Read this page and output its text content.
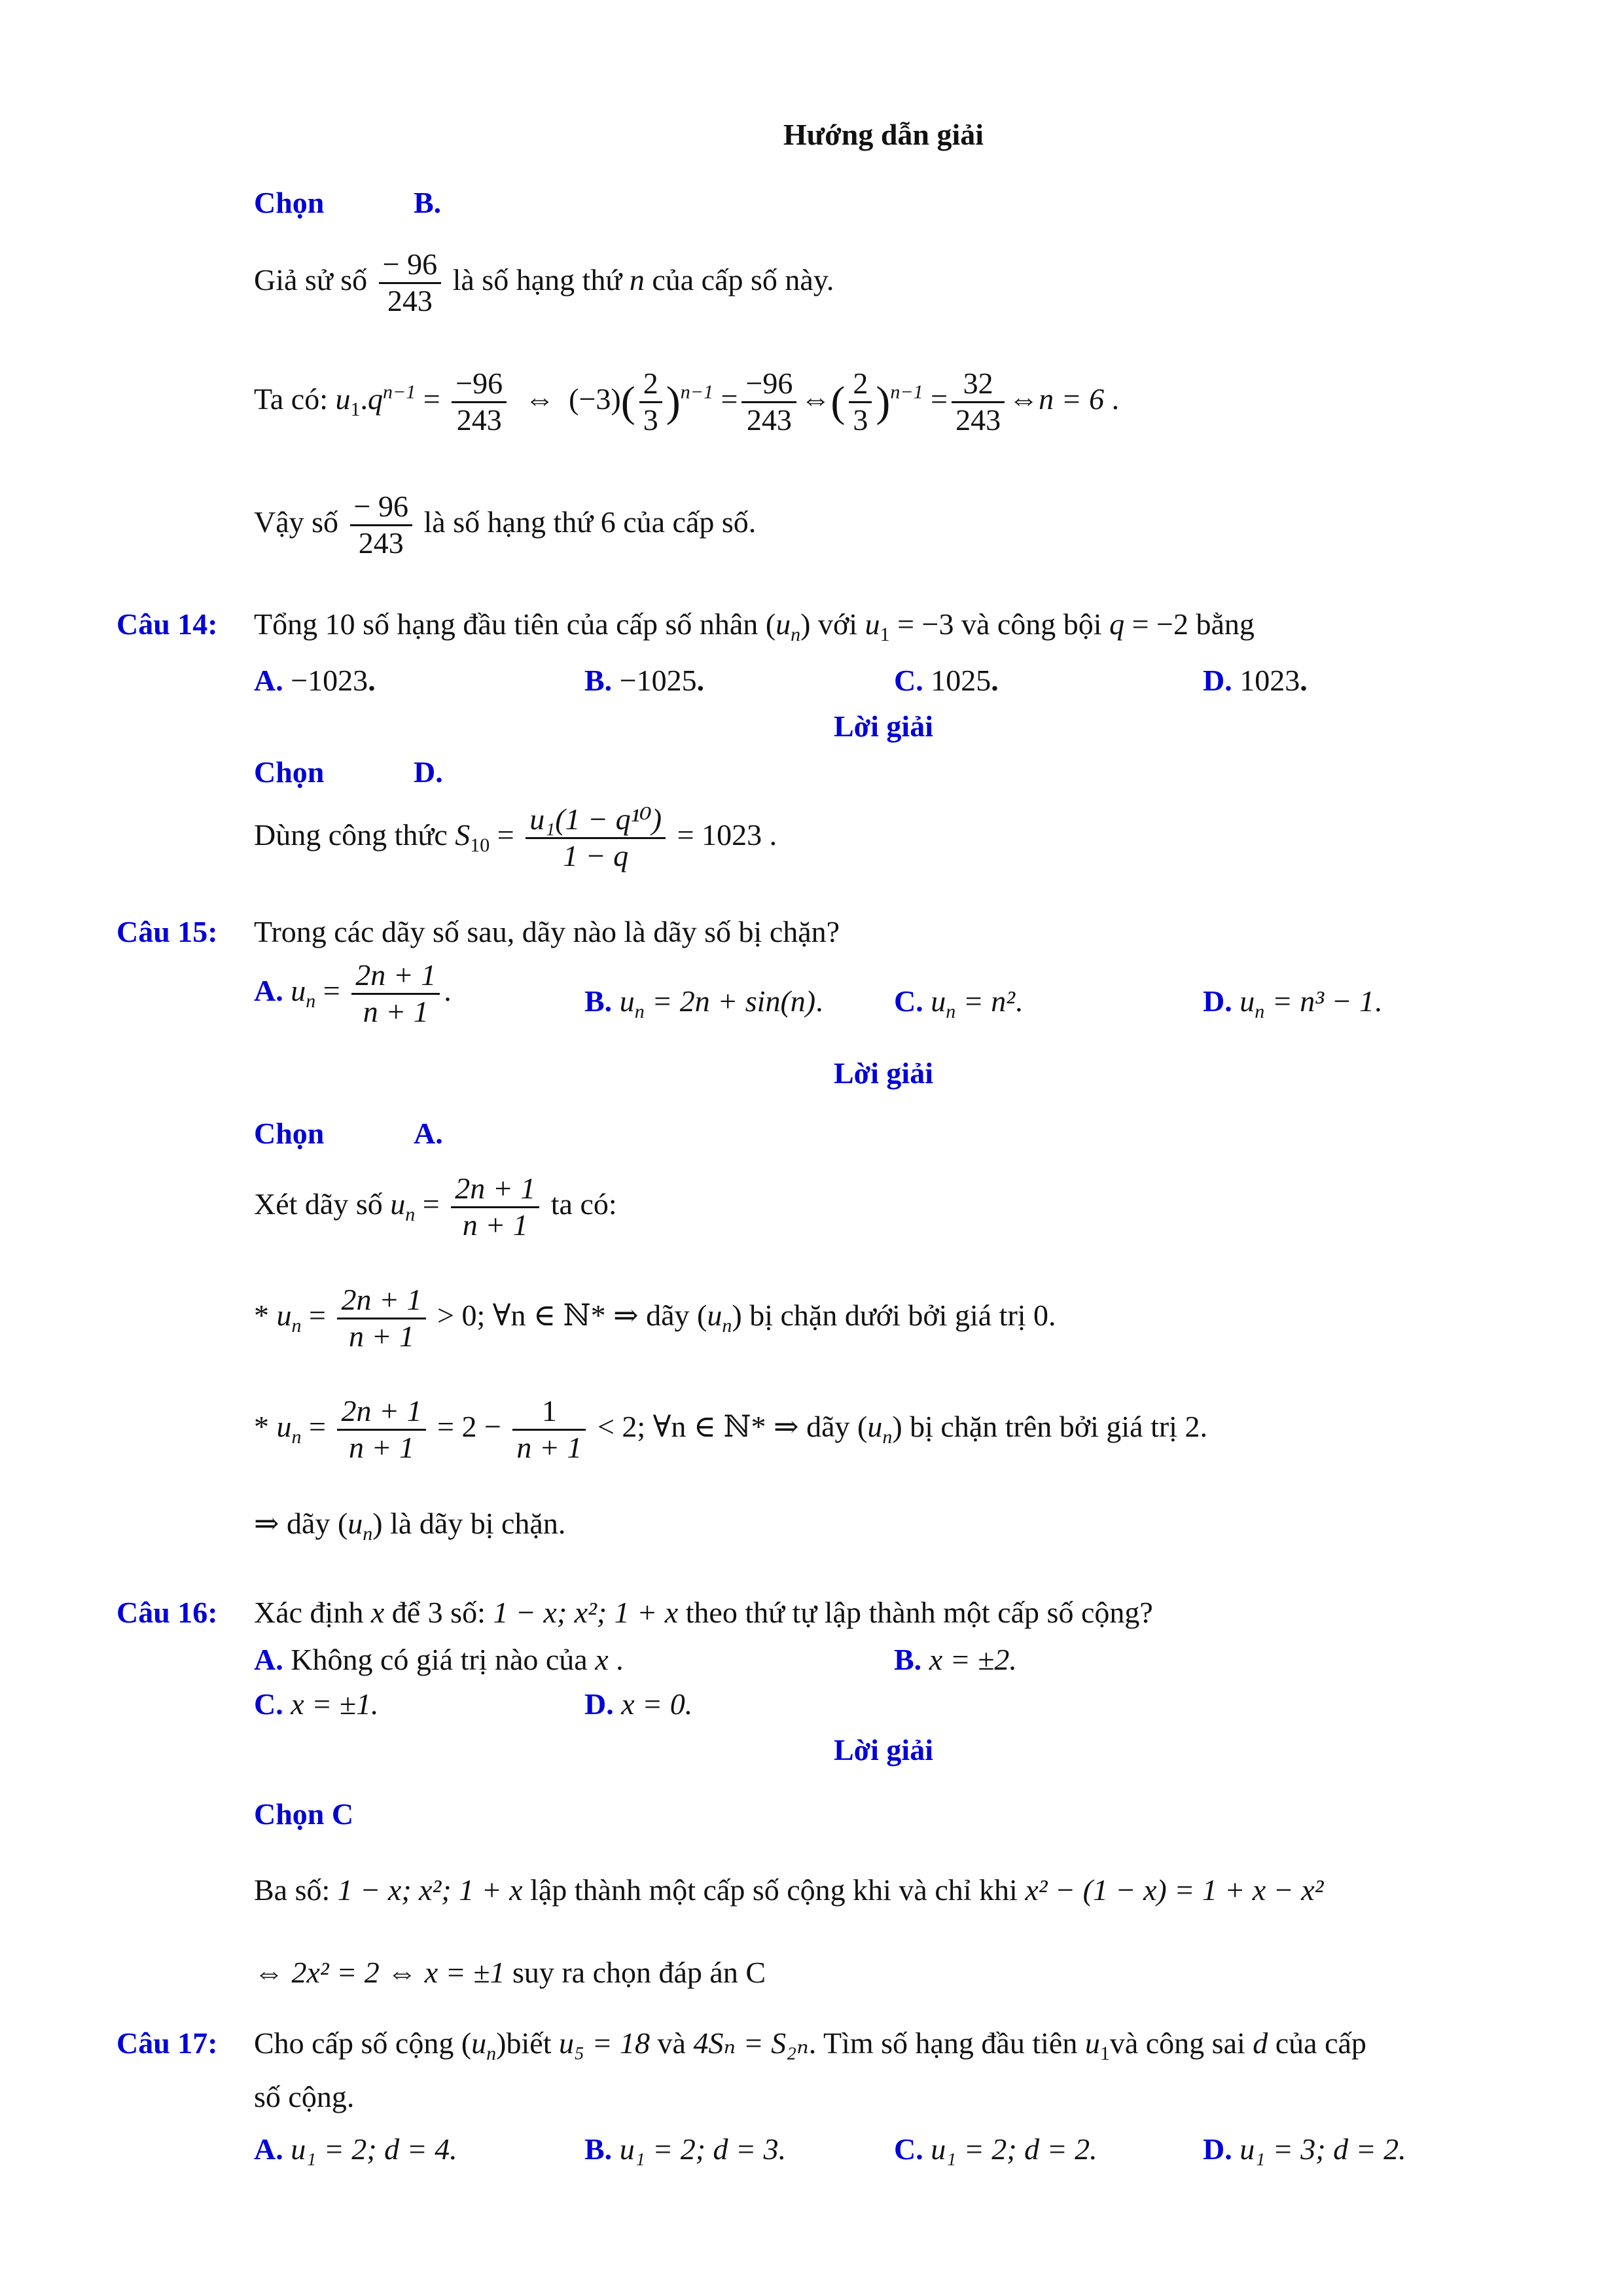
Hướng dẫn giải
Chọn	B.
Giả sử số $\frac{- 96}{243}$ là số hạng thứ n của cấp số này.
Ta có: $u_1.q^{n-1} = \frac{-96}{243}$ ⇔ $(-3)( \frac{2}{3} )^{n-1} = \frac{-96}{243}$ ⇔( $\frac{2}{3} )^{n-1} = \frac{32}{243}$ ⇔n = 6 .
Vậy số $\frac{- 96}{243}$ là số hạng thứ 6 của cấp số.
Câu 14: Tổng 10 số hạng đầu tiên của cấp số nhân $(u_n)$ với $u_1 = -3$ và công bội q = −2 bằng
A. −1023.	B. −1025.	C. 1025.	D. 1023.
Lời giải
Chọn	D.
Dùng công thức $S_{10} = \frac{\text{u₁(1 − q¹⁰)}}{1 - q} = 1023$ .
Câu 15: Trong các dãy số sau, dãy nào là dãy số bị chặn?
A. $u_n = \frac{2n + 1}{n + 1}$ .	B. $u_n = 2n + \sin(n)$. C. $u_n = n^2$.	D. $u_n = n^3 - 1$.
Lời giải
Chọn	A.
Xét dãy số $u_n = \frac{2n + 1}{n + 1}$ ta có:
* $u_n = \frac{2n + 1}{n + 1} > 0$; ∀n ∈ ℕ* ⇒ dãy $(u_n)$ bị chặn dưới bởi giá trị 0.
* $u_n = \frac{2n + 1}{n + 1} = 2 - \frac{1}{n + 1} < 2$; ∀n ∈ ℕ* ⇒ dãy $(u_n)$ bị chặn trên bởi giá trị 2.
⇒ dãy $(u_n)$ là dãy bị chặn.
Câu 16: Xác định x để 3 số: 1 − x; x²; 1 + x theo thứ tự lập thành một cấp số cộng?
A. Không có giá trị nào của x .	B. x = ±2.
C. x = ±1.	D. x = 0.
Lời giải
Chọn C
Ba số: 1 − x; x²; 1 + x lập thành một cấp số cộng khi và chỉ khi x² − (1 − x) = 1 + x − x²
⇔ 2x² = 2 ⇔ x = ±1 suy ra chọn đáp án C
Câu 17: Cho cấp số cộng $(u_n)biết$ u₅ = 18 và 4Sₙ = S₂ₙ. Tìm số hạng đầu tiên $u_1và$ công sai d của cấp
số cộng.
A. u₁ = 2; d = 4.	B. u₁ = 2; d = 3.	C. u₁ = 2; d = 2.	D. u₁ = 3; d = 2.
